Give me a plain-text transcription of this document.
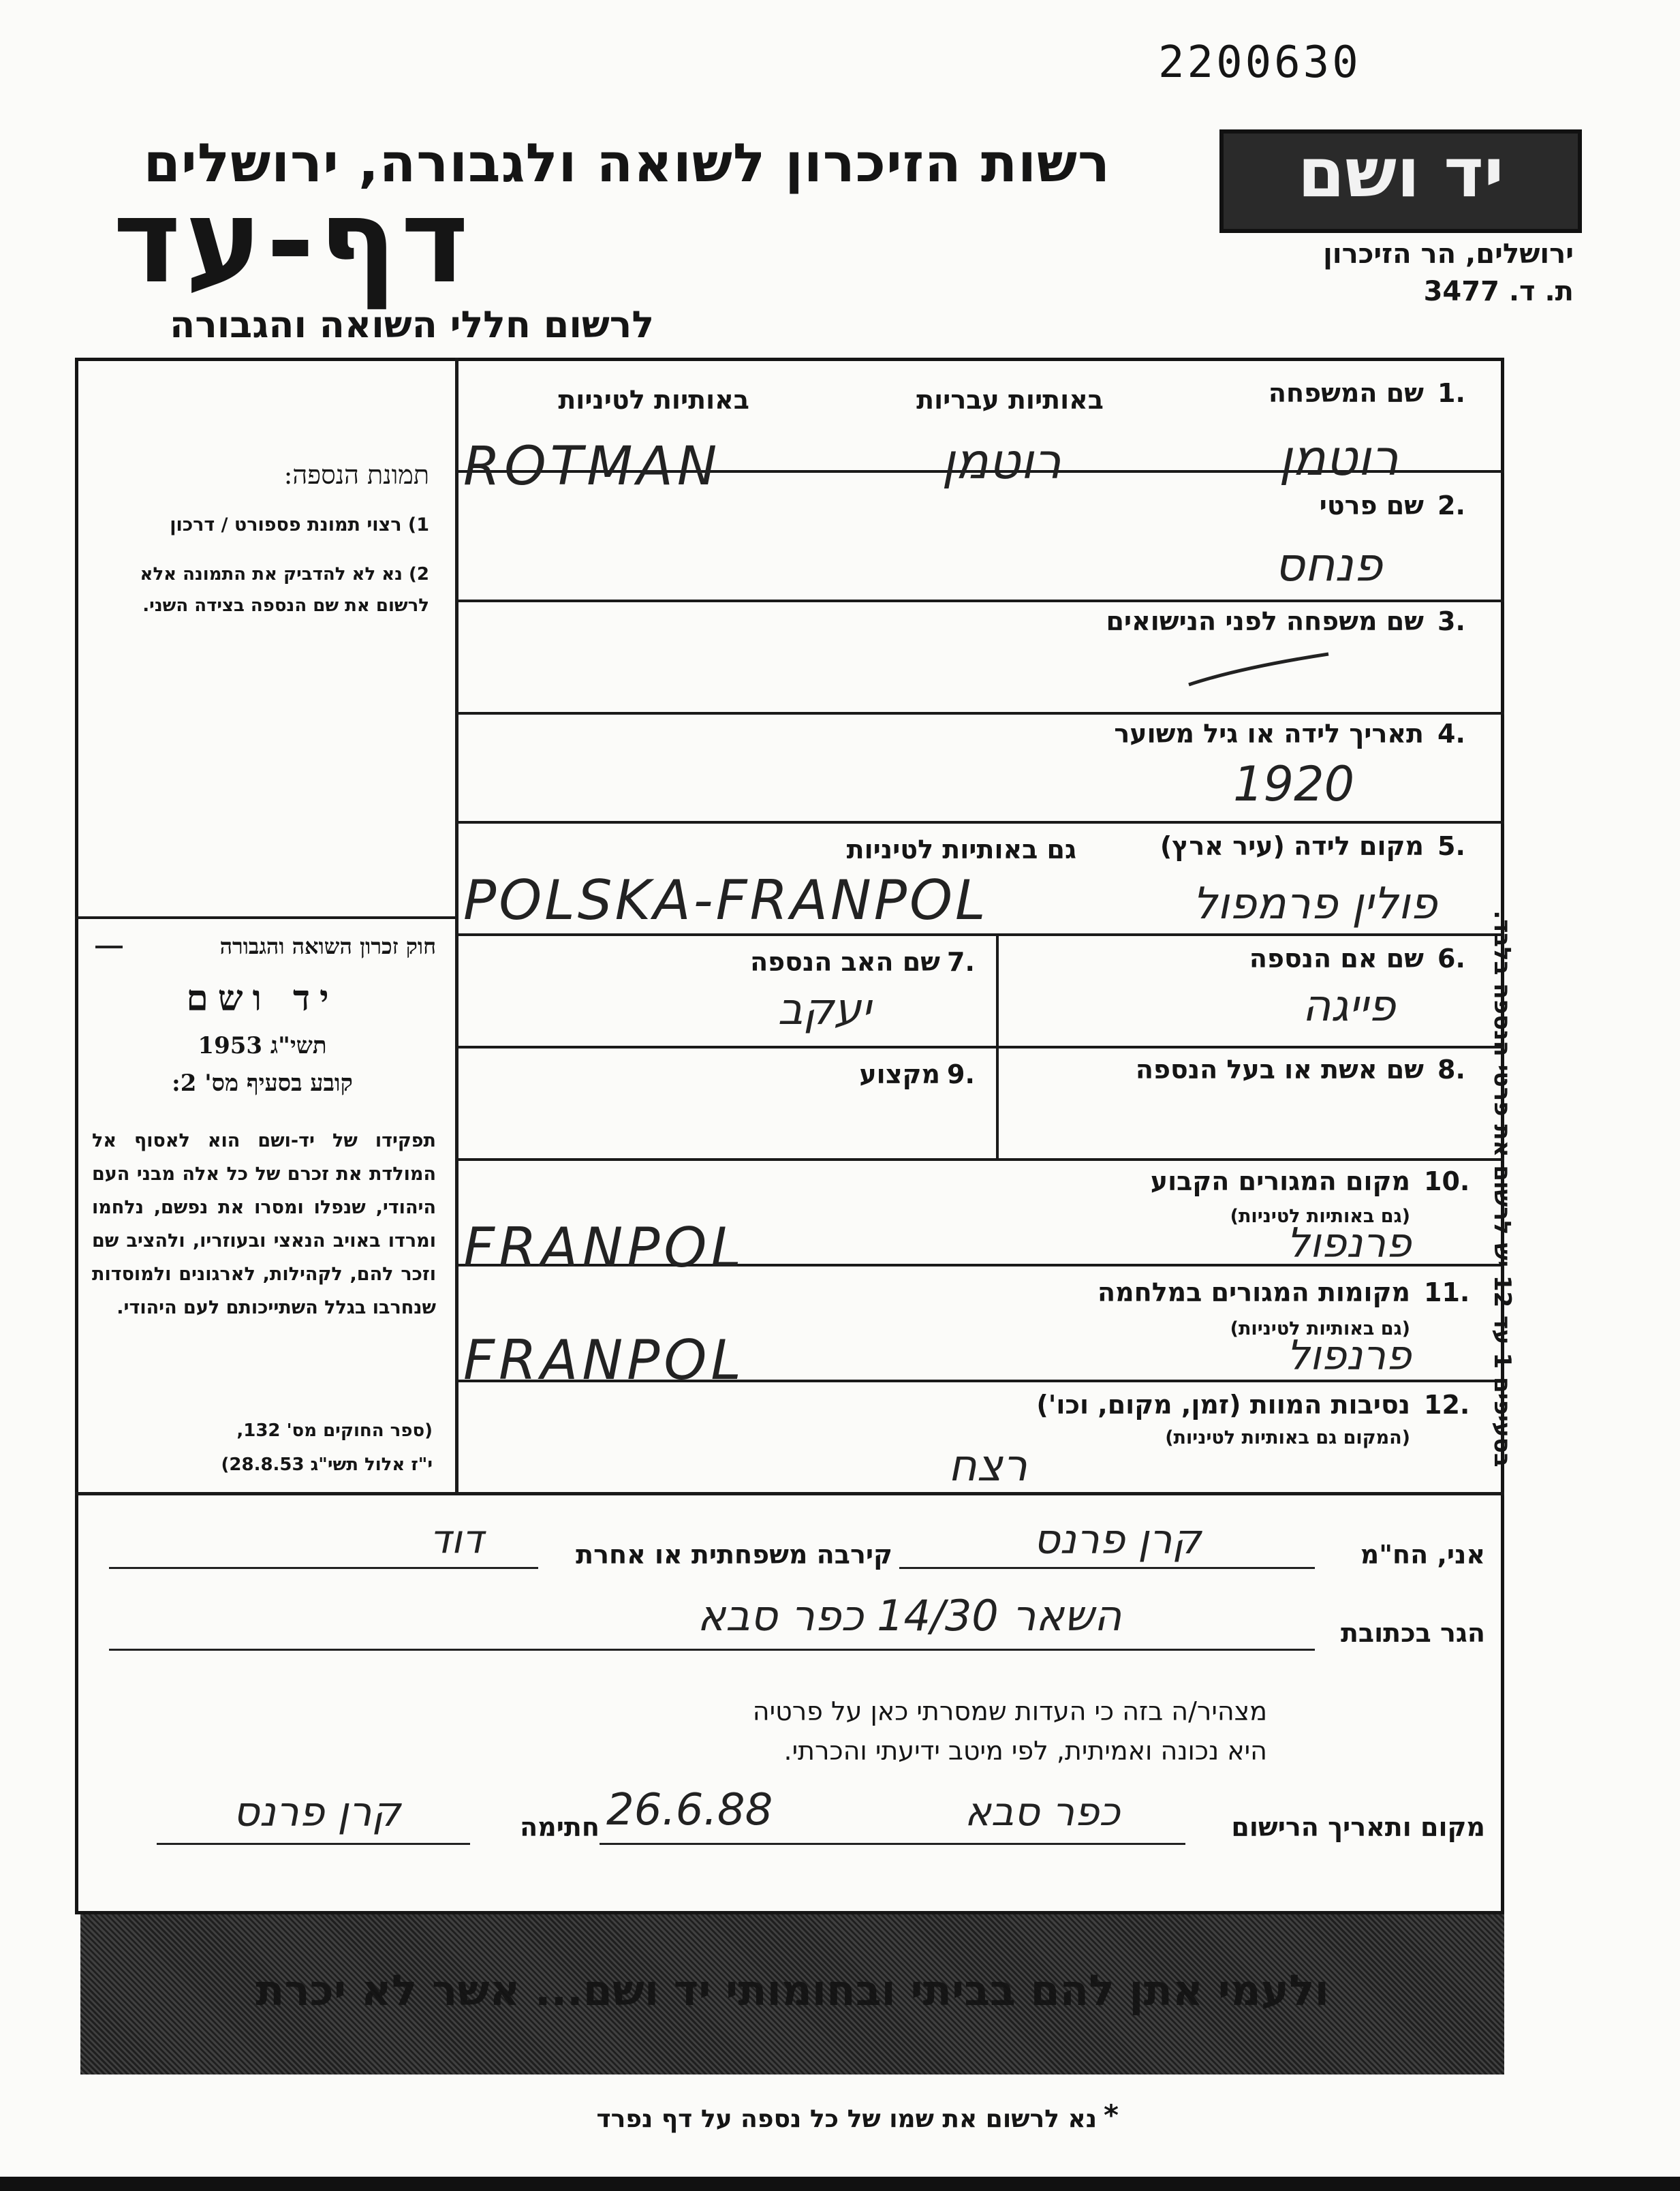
2200630
רשות הזיכרון לשואה ולגבורה, ירושלים
דף-עד
לרשום חללי השואה והגבורה
יד ושם
ירושלים, הר הזיכרון
ת. ד. 3477
תמונת הנספה:
1) רצוי תמונת פספורט / דרכון
2) נא לא להדביק את התמונה אלא לרשום את שם הנספה בצידה השני.
חוק זכרון השואה והגבורה
יד ושם
תשי"ג 1953
קובע בסעיף מס' 2:
תפקידו של יד-ושם הוא לאסוף אל המולדת את זכרם של כל אלה מבני העם היהודי, שנפלו ומסרו את נפשם, נלחמו ומרדו באויב הנאצי ובעוזריו, ולהציב שם וזכר להם, לקהילות, לארגונים ולמוסדות שנחרבו בגלל השתייכותם לעם היהודי.
(ספר החוקים מס' 132,
י"ז אלול תשי"ג 28.8.53)
1.
שם המשפחה
באותיות עבריות
באותיות לטיניות
ROTMAN	רוטמן	רוטמן
2.
שם פרטי
פנחס
3.
שם משפחה לפני הנישואים
4.
תאריך לידה או גיל משוער
1920
5.
מקום לידה (עיר ארץ)
גם באותיות לטיניות
POLSKA-FRANPOL	פולין פרמפול
6.
שם אם הנספה
פייגה
7.
שם האב הנספה
יעקב
8.
שם אשת או בעל הנספה
9.
מקצוע
10.
מקום המגורים הקבוע
(גם באותיות לטיניות)
FRANPOL	פרנפול
11.
מקומות המגורים במלחמה
(גם באותיות לטיניות)
FRANPOL	פרנפול
12.
נסיבות המוות (זמן, מקום, וכו')
(המקום גם באותיות לטיניות)
רצח
בסעיפים 1 עד 12 יש לרשום את פרטי הנספה בלבד.
אני, הח"מ
קרן פרנס
קירבה משפחתית או אחרת
דוד
הגר בכתובת
השאר 14/30 כפר סבא
מצהיר/ה בזה כי העדות שמסרתי כאן על פרטיה
היא נכונה ואמיתית, לפי מיטב ידיעתי והכרתי.
מקום ותאריך הרישום
כפר סבא
26.6.88
חתימה
קרן פרנס
ולעמי אתן להם בביתי ובחומותי יד ושם... אשר לא יכרת
*
נא לרשום את שמו של כל נספה על דף נפרד
